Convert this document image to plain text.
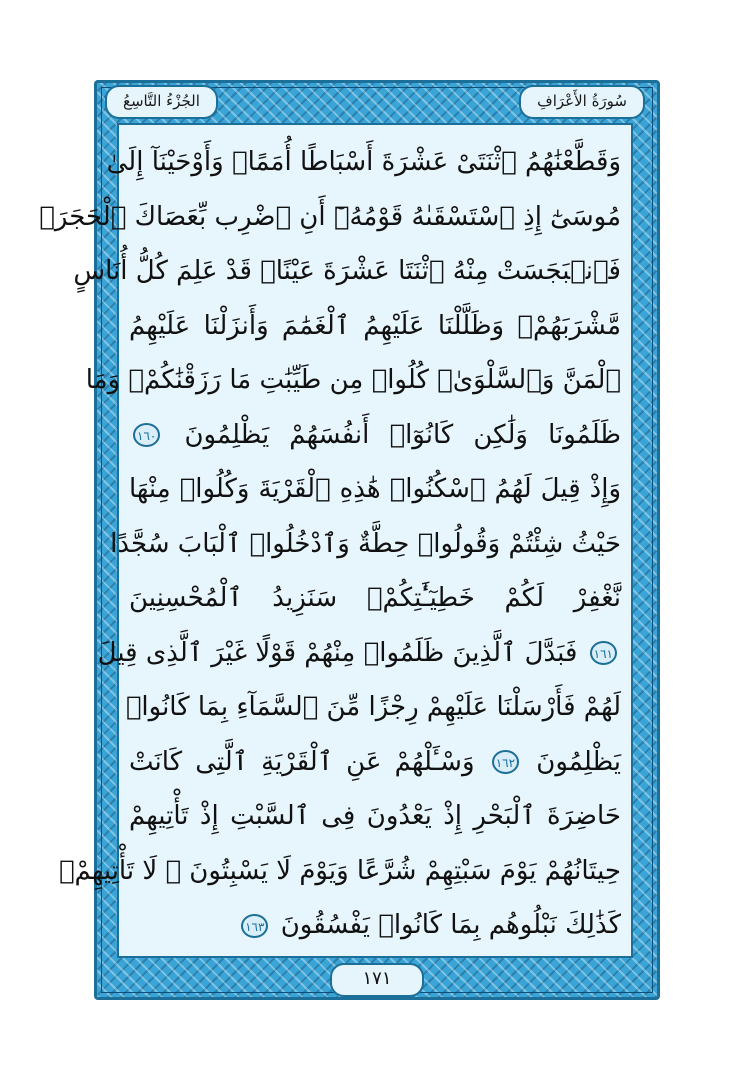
الجُزْءُ التَّاسِعُ	سُورَةُ الأَعْرَافِ
وَقَطَّعْنَٰهُمُ ٱثْنَتَىْ عَشْرَةَ أَسْبَاطًا أُمَمًاۚ وَأَوْحَيْنَآ إِلَىٰ
مُوسَىٰٓ إِذِ ٱسْتَسْقَىٰهُ قَوْمُهُۥٓ أَنِ ٱضْرِب بِّعَصَاكَ ٱلْحَجَرَۖ
فَٱنۢبَجَسَتْ مِنْهُ ٱثْنَتَا عَشْرَةَ عَيْنًاۖ قَدْ عَلِمَ كُلُّ أُنَاسٍ
مَّشْرَبَهُمْۚ وَظَلَّلْنَا عَلَيْهِمُ ٱلْغَمَٰمَ وَأَنزَلْنَا عَلَيْهِمُ
ٱلْمَنَّ وَٱلسَّلْوَىٰۖ كُلُوا۟ مِن طَيِّبَٰتِ مَا رَزَقْنَٰكُمْۚ وَمَا
ظَلَمُونَا وَلَٰكِن كَانُوٓا۟ أَنفُسَهُمْ يَظْلِمُونَ ١٦٠
وَإِذْ قِيلَ لَهُمُ ٱسْكُنُوا۟ هَٰذِهِ ٱلْقَرْيَةَ وَكُلُوا۟ مِنْهَا
حَيْثُ شِئْتُمْ وَقُولُوا۟ حِطَّةٌ وَٱدْخُلُوا۟ ٱلْبَابَ سُجَّدًا
نَّغْفِرْ لَكُمْ خَطِيٓـَٰٔتِكُمْۚ سَنَزِيدُ ٱلْمُحْسِنِينَ
١٦١ فَبَدَّلَ ٱلَّذِينَ ظَلَمُوا۟ مِنْهُمْ قَوْلًا غَيْرَ ٱلَّذِى قِيلَ
لَهُمْ فَأَرْسَلْنَا عَلَيْهِمْ رِجْزًا مِّنَ ٱلسَّمَآءِ بِمَا كَانُوا۟
يَظْلِمُونَ ١٦٢ وَسْـَٔلْهُمْ عَنِ ٱلْقَرْيَةِ ٱلَّتِى كَانَتْ
حَاضِرَةَ ٱلْبَحْرِ إِذْ يَعْدُونَ فِى ٱلسَّبْتِ إِذْ تَأْتِيهِمْ
حِيتَانُهُمْ يَوْمَ سَبْتِهِمْ شُرَّعًا وَيَوْمَ لَا يَسْبِتُونَ ۙ لَا تَأْتِيهِمْۚ
كَذَٰلِكَ نَبْلُوهُم بِمَا كَانُوا۟ يَفْسُقُونَ ١٦٣
١٧١
